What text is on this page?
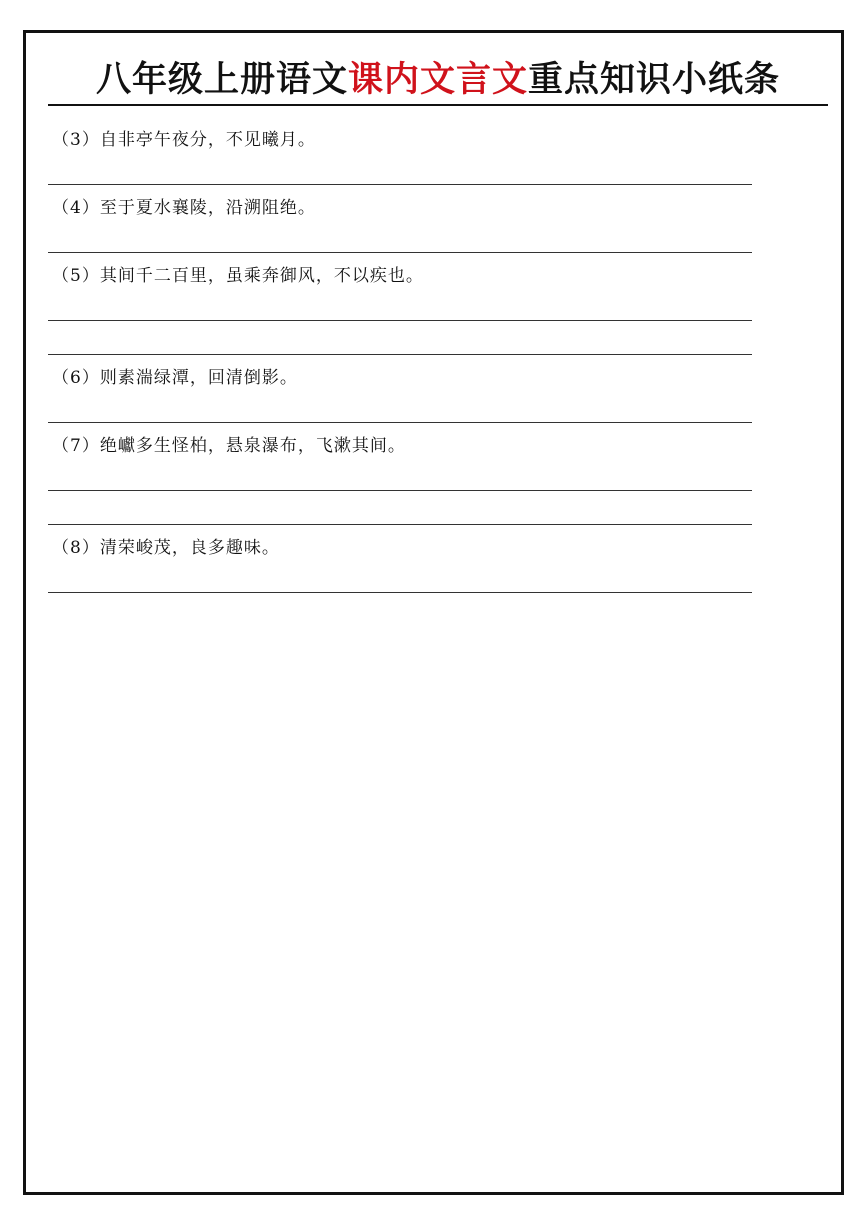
八年级上册语文课内文言文重点知识小纸条
（3）自非亭午夜分，不见曦月。
（4）至于夏水襄陵，沿溯阻绝。
（5）其间千二百里，虽乘奔御风，不以疾也。
（6）则素湍绿潭，回清倒影。
（7）绝巘多生怪柏，悬泉瀑布，飞漱其间。
（8）清荣峻茂，良多趣味。
